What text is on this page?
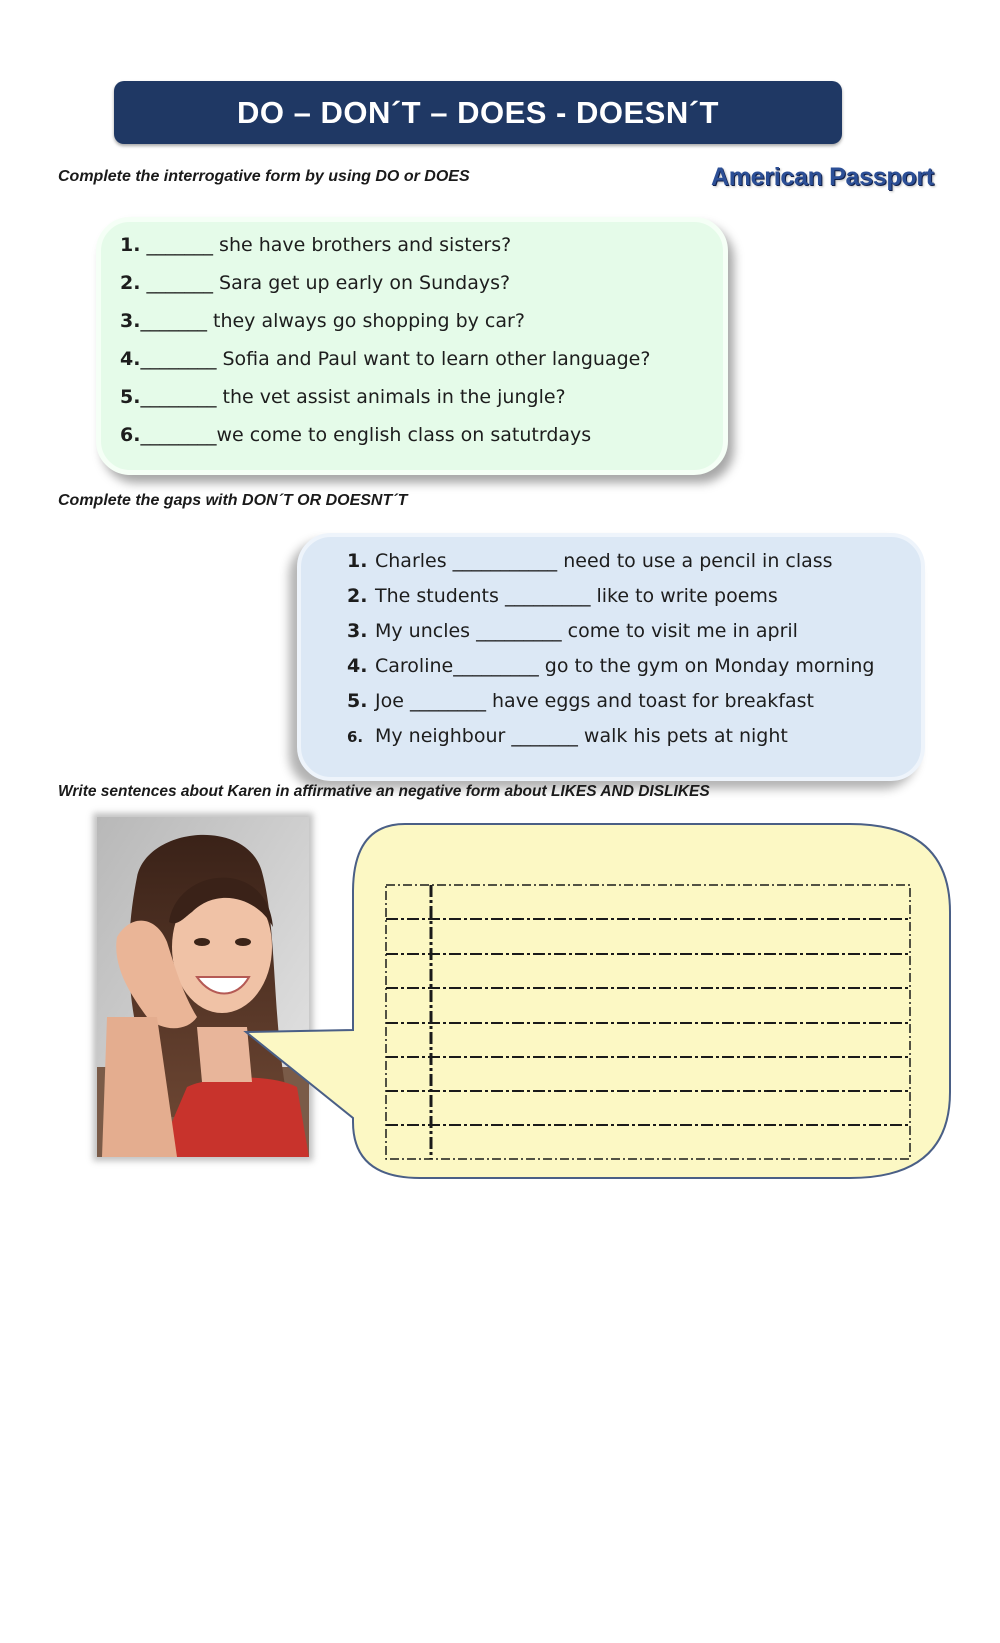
DO – DON´T – DOES - DOESN´T
Complete the interrogative form by using DO or DOES	American Passport
1. _______ she have brothers and sisters?
2. _______ Sara get up early on Sundays?
3._______ they always go shopping by car?
4.________ Sofia and Paul want to learn other language?
5.________ the vet assist animals in the jungle?
6.________we come to english class on satutrdays
Complete the gaps with DON´T OR DOESNT´T
1. Charles ___________ need to use a pencil in class
2. The students _________ like to write poems
3. My uncles _________ come to visit me in april
4. Caroline_________ go to the gym on Monday morning
5. Joe ________ have eggs and toast for breakfast
6. My neighbour _______ walk his pets at night
Write sentences about Karen in affirmative an negative form about LIKES AND DISLIKES
